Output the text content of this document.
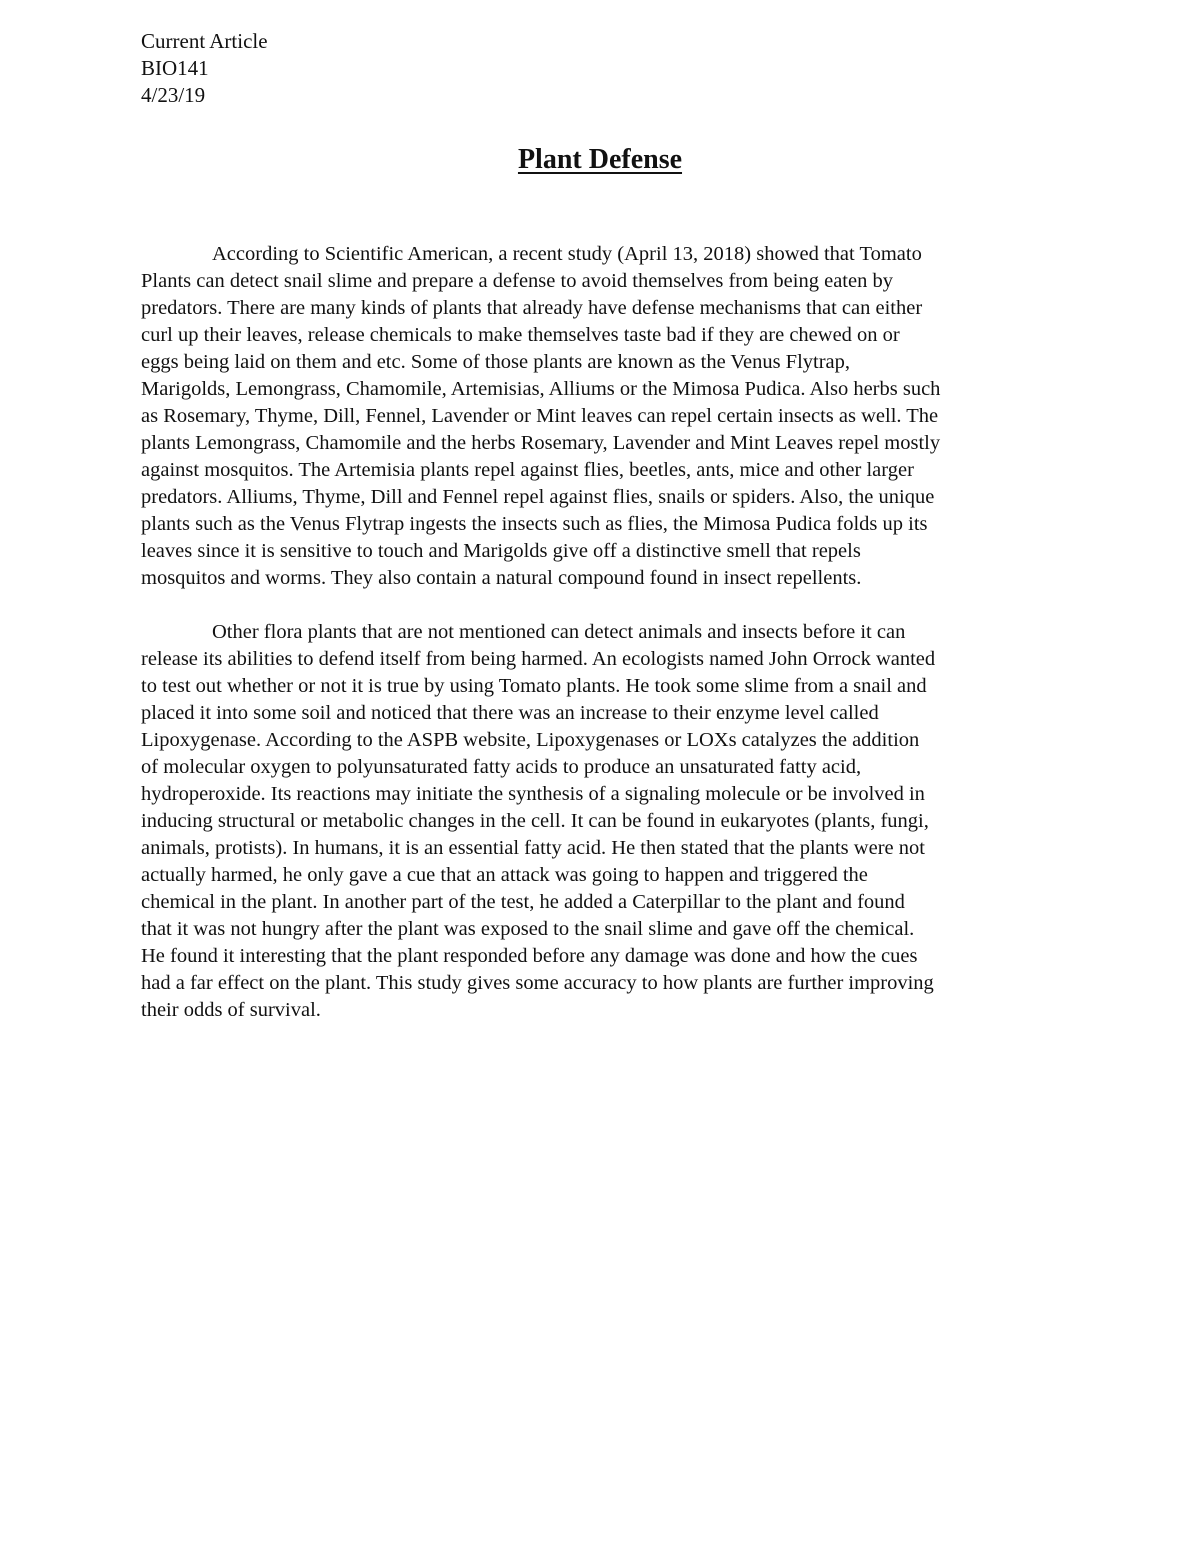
Current Article
BIO141
4/23/19
Plant Defense
According to Scientific American, a recent study (April 13, 2018) showed that Tomato
Plants can detect snail slime and prepare a defense to avoid themselves from being eaten by
predators. There are many kinds of plants that already have defense mechanisms that can either
curl up their leaves, release chemicals to make themselves taste bad if they are chewed on or
eggs being laid on them and etc. Some of those plants are known as the Venus Flytrap,
Marigolds, Lemongrass, Chamomile, Artemisias, Alliums or the Mimosa Pudica. Also herbs such
as Rosemary, Thyme, Dill, Fennel, Lavender or Mint leaves can repel certain insects as well. The
plants Lemongrass, Chamomile and the herbs Rosemary, Lavender and Mint Leaves repel mostly
against mosquitos. The Artemisia plants repel against flies, beetles, ants, mice and other larger
predators. Alliums, Thyme, Dill and Fennel repel against flies, snails or spiders. Also, the unique
plants such as the Venus Flytrap ingests the insects such as flies, the Mimosa Pudica folds up its
leaves since it is sensitive to touch and Marigolds give off a distinctive smell that repels
mosquitos and worms. They also contain a natural compound found in insect repellents.
Other flora plants that are not mentioned can detect animals and insects before it can
release its abilities to defend itself from being harmed. An ecologists named John Orrock wanted
to test out whether or not it is true by using Tomato plants. He took some slime from a snail and
placed it into some soil and noticed that there was an increase to their enzyme level called
Lipoxygenase. According to the ASPB website, Lipoxygenases or LOXs catalyzes the addition
of molecular oxygen to polyunsaturated fatty acids to produce an unsaturated fatty acid,
hydroperoxide. Its reactions may initiate the synthesis of a signaling molecule or be involved in
inducing structural or metabolic changes in the cell. It can be found in eukaryotes (plants, fungi,
animals, protists). In humans, it is an essential fatty acid. He then stated that the plants were not
actually harmed, he only gave a cue that an attack was going to happen and triggered the
chemical in the plant. In another part of the test, he added a Caterpillar to the plant and found
that it was not hungry after the plant was exposed to the snail slime and gave off the chemical.
He found it interesting that the plant responded before any damage was done and how the cues
had a far effect on the plant. This study gives some accuracy to how plants are further improving
their odds of survival.
